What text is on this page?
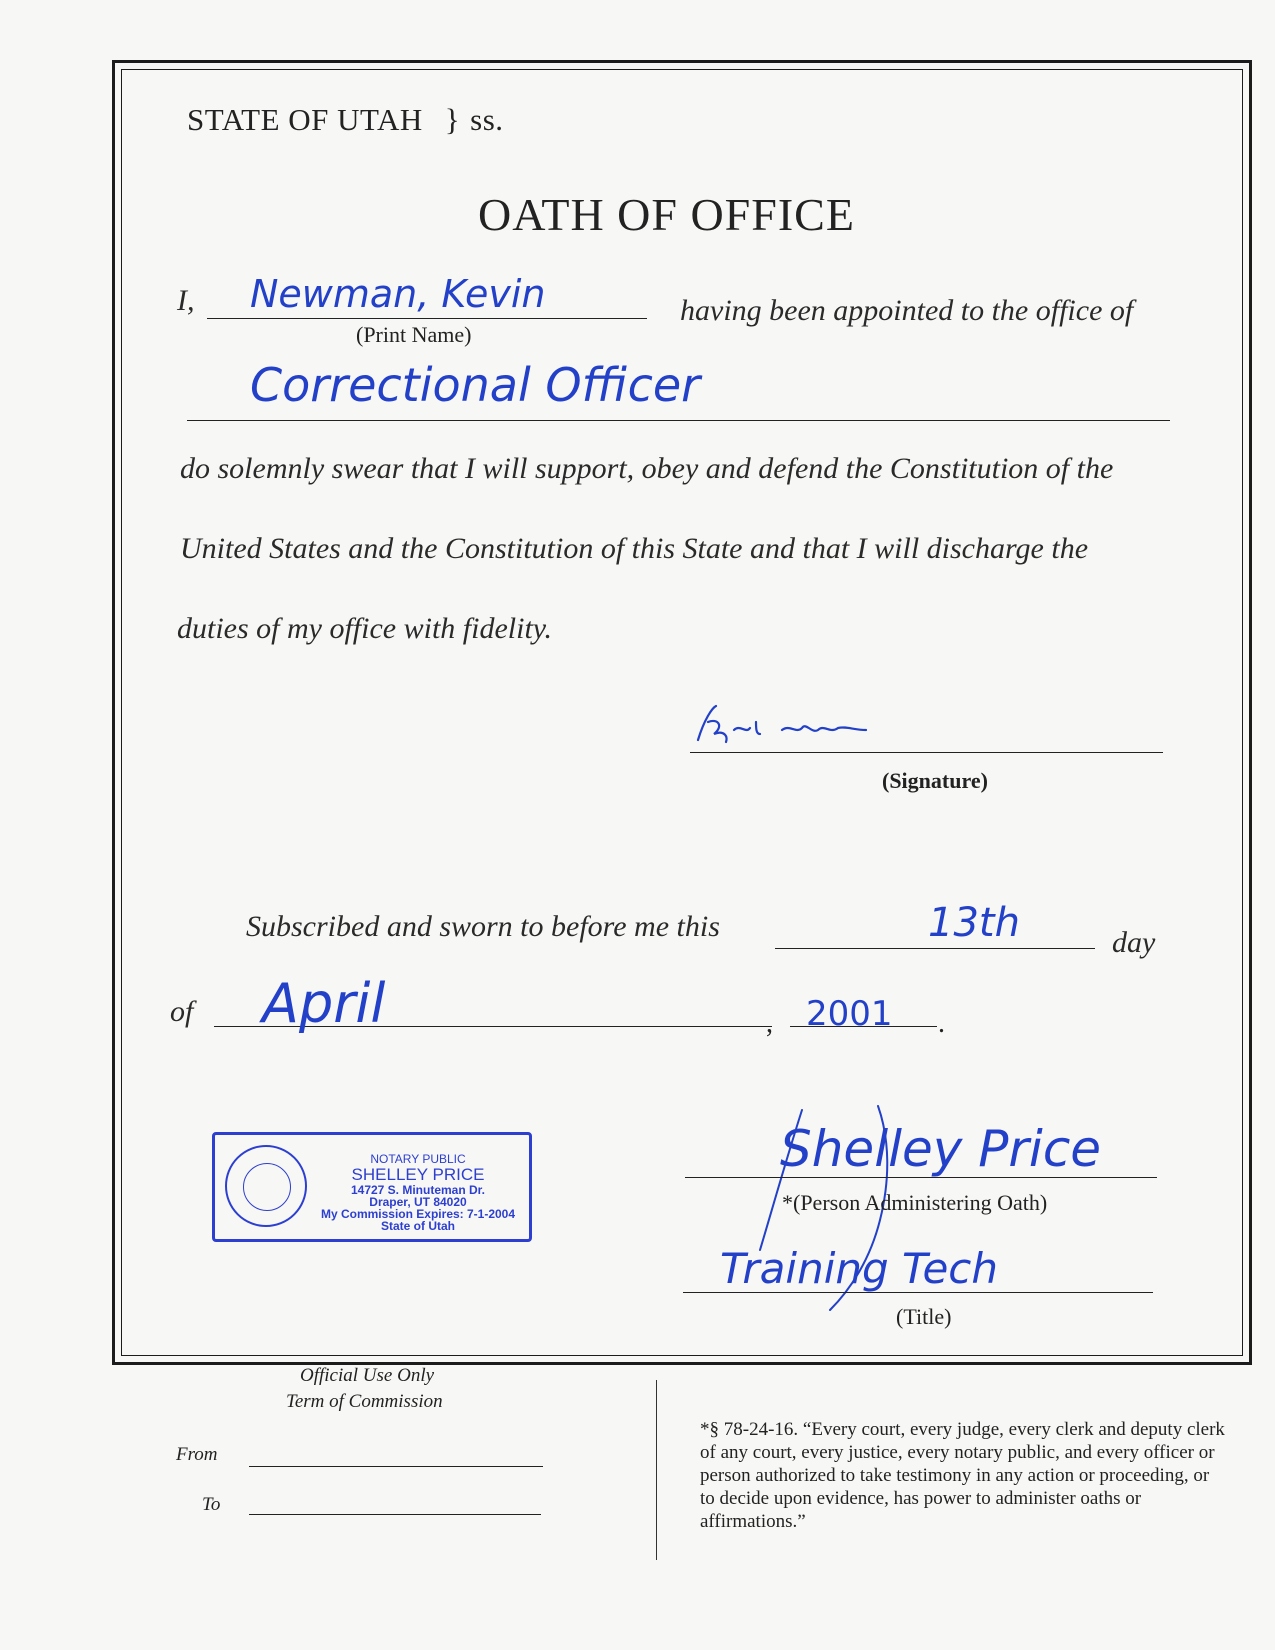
STATE OF UTAH } ss.
OATH OF OFFICE
I, Newman, Kevin
(Print Name)
having been appointed to the office of
Correctional Officer
do solemnly swear that I will support, obey and defend the Constitution of the
United States and the Constitution of this State and that I will discharge the
duties of my office with fidelity.
(Signature)
Subscribed and sworn to before me this	13th	day
of April	, 2001 .
NOTARY PUBLIC
SHELLEY PRICE
14727 S. Minuteman Dr.
Draper, UT 84020
My Commission Expires: 7-1-2004
State of Utah
Shelley Price
*(Person Administering Oath)
Training Tech
(Title)
Official Use Only
Term of Commission
From
To
*§ 78-24-16. “Every court, every judge, every clerk and deputy clerk of any court, every justice, every notary public, and every officer or person authorized to take testimony in any action or proceeding, or to decide upon evidence, has power to administer oaths or affirmations.”
